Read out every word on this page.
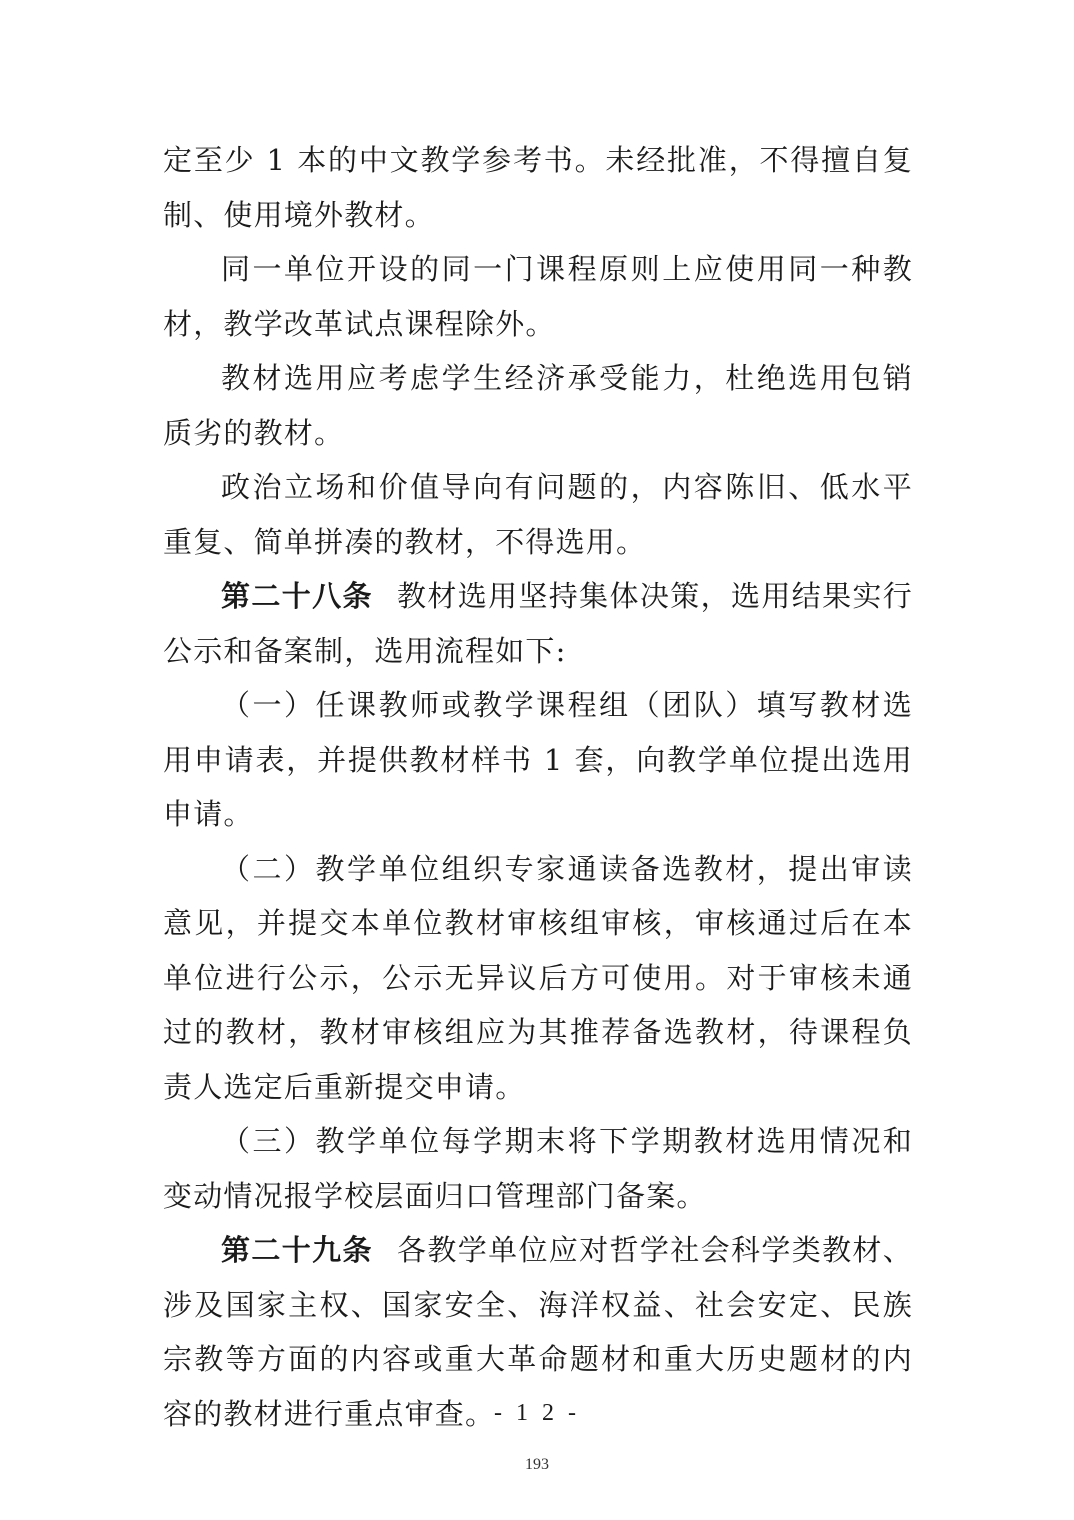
定至少 1 本的中文教学参考书。未经批准，不得擅自复制、使用境外教材。

同一单位开设的同一门课程原则上应使用同一种教材，教学改革试点课程除外。

教材选用应考虑学生经济承受能力，杜绝选用包销质劣的教材。

政治立场和价值导向有问题的，内容陈旧、低水平重复、简单拼凑的教材，不得选用。

第二十八条 教材选用坚持集体决策，选用结果实行公示和备案制，选用流程如下:

（一）任课教师或教学课程组（团队）填写教材选用申请表，并提供教材样书 1 套，向教学单位提出选用申请。

（二）教学单位组织专家通读备选教材，提出审读意见，并提交本单位教材审核组审核，审核通过后在本单位进行公示，公示无异议后方可使用。对于审核未通过的教材，教材审核组应为其推荐备选教材，待课程负责人选定后重新提交申请。

（三）教学单位每学期末将下学期教材选用情况和变动情况报学校层面归口管理部门备案。

第二十九条 各教学单位应对哲学社会科学类教材、涉及国家主权、国家安全、海洋权益、社会安定、民族宗教等方面的内容或重大革命题材和重大历史题材的内容的教材进行重点审查。

- 1 2 -
193
